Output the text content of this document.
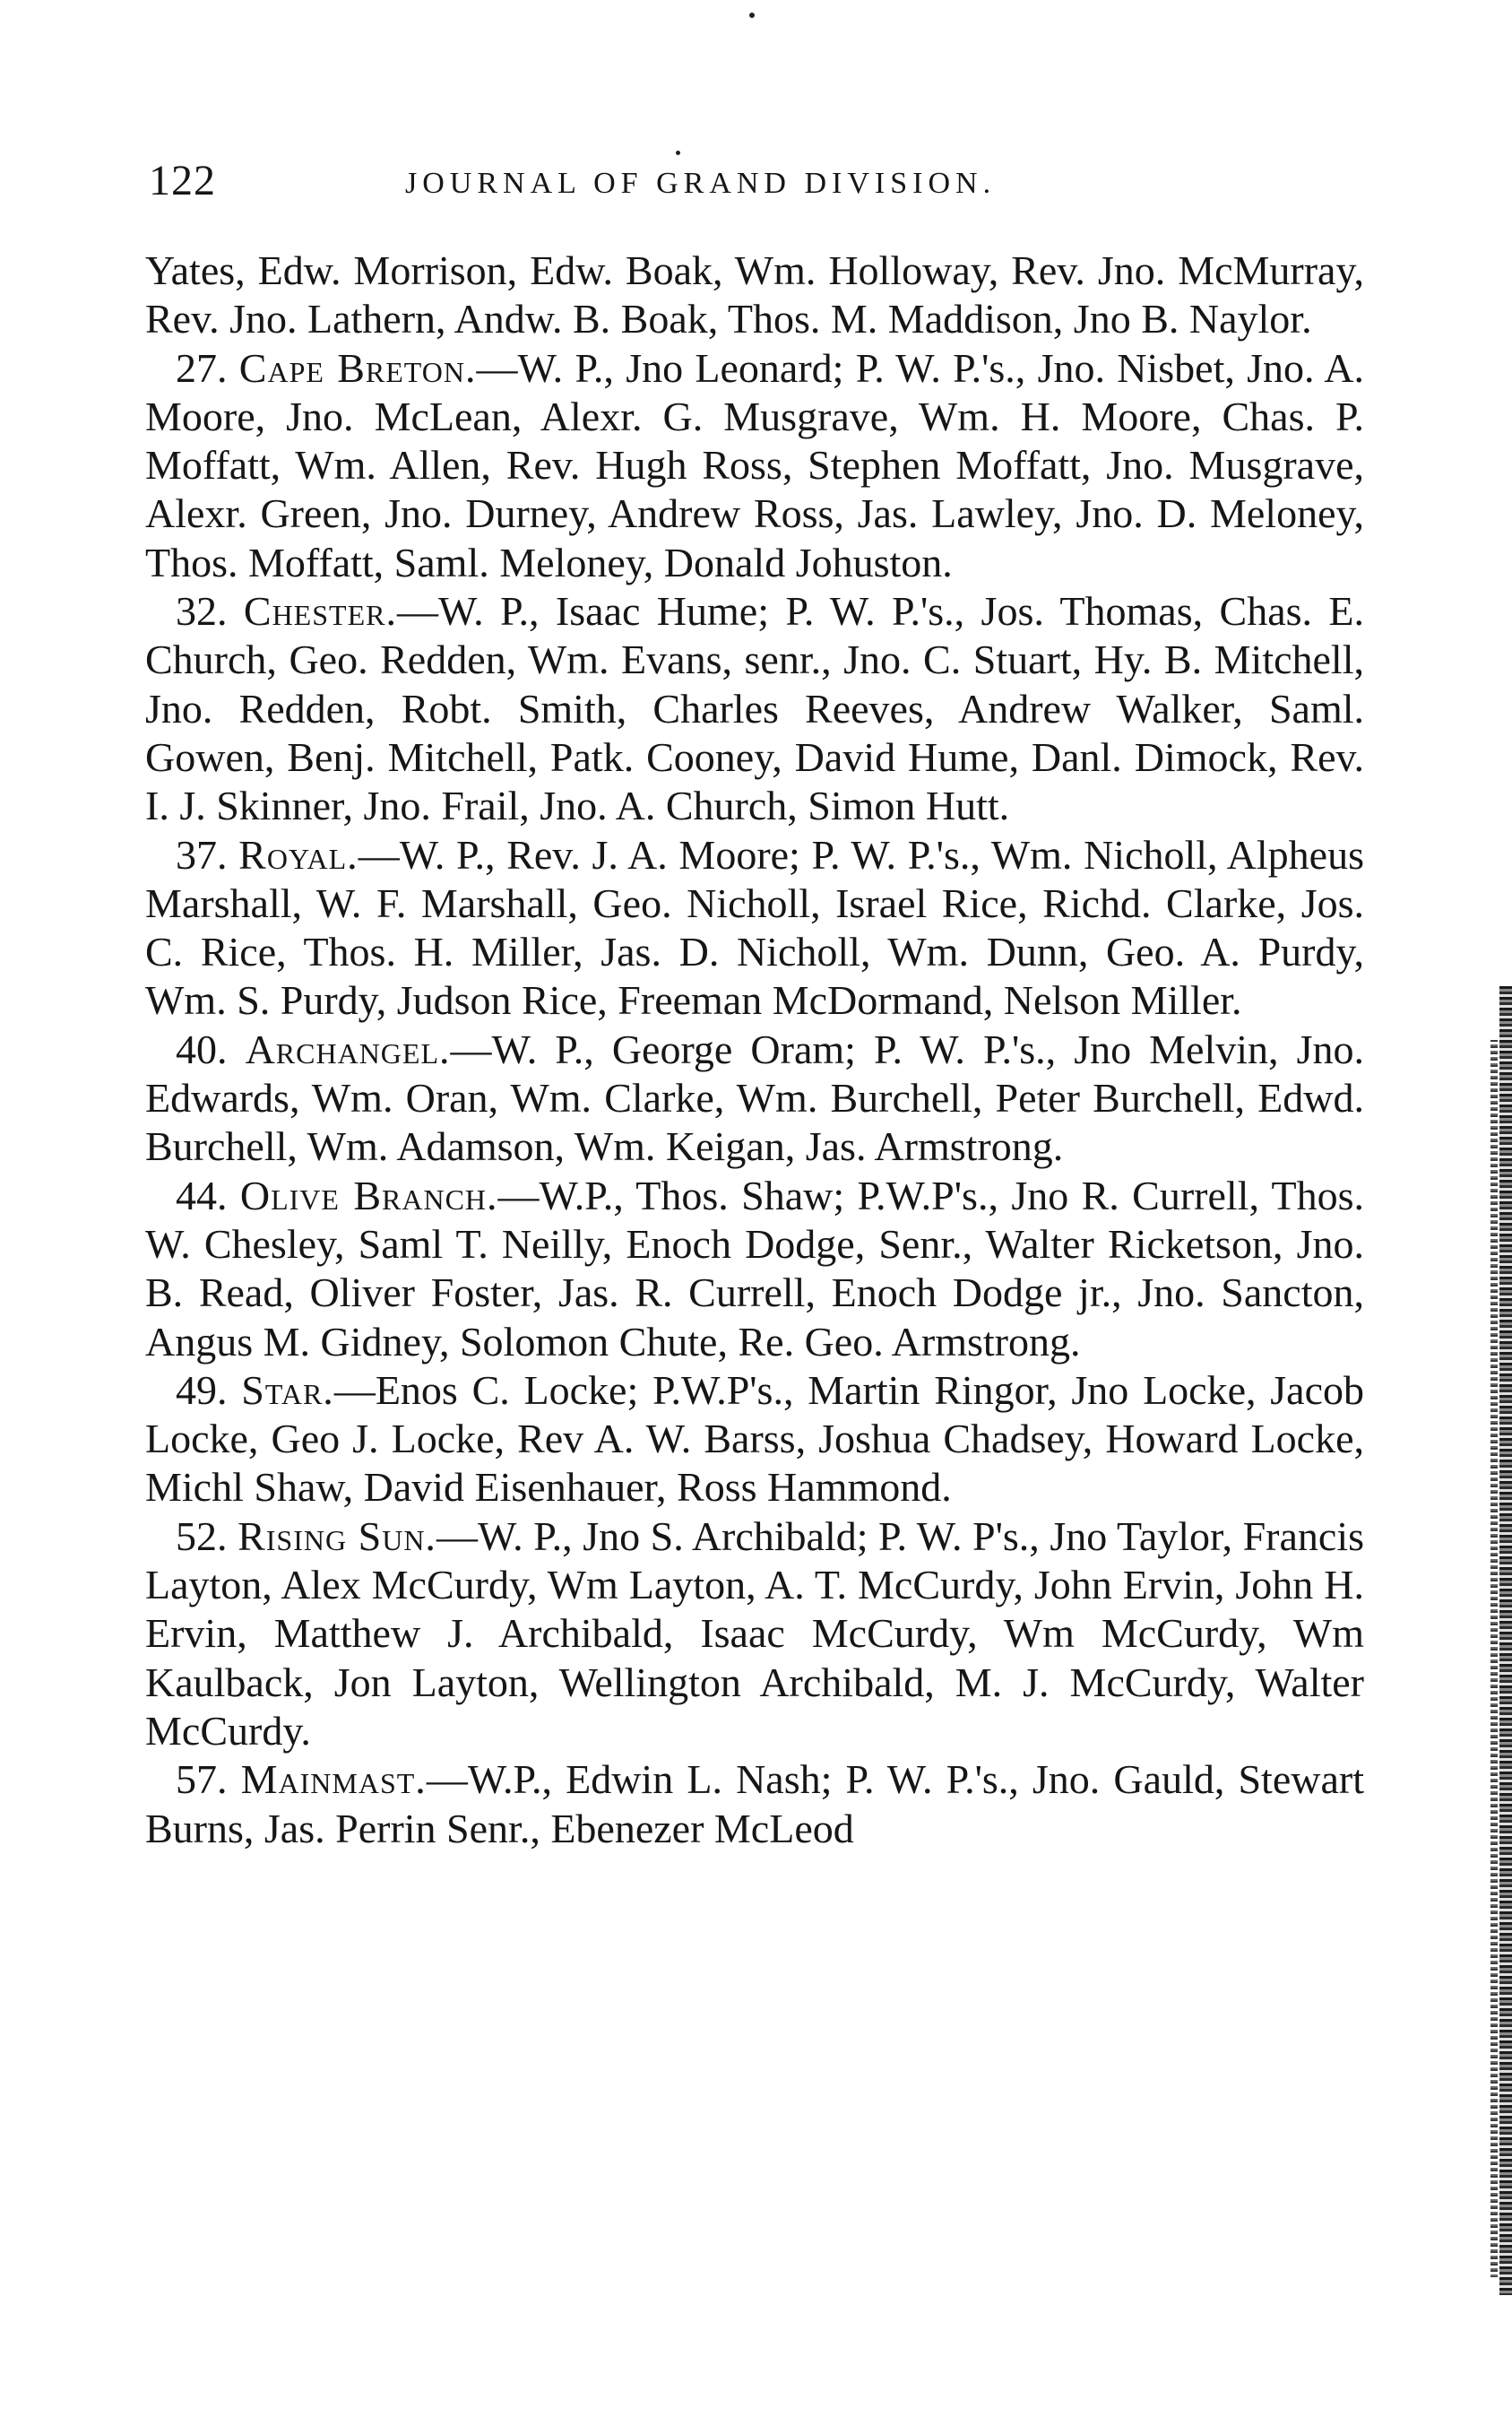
122	JOURNAL OF GRAND DIVISION.

Yates, Edw. Morrison, Edw. Boak, Wm. Holloway, Rev. Jno. McMurray, Rev. Jno. Lathern, Andw. B. Boak, Thos. M. Maddison, Jno B. Naylor.

27. Cape Breton.—W. P., Jno Leonard; P. W. P.'s., Jno. Nisbet, Jno. A. Moore, Jno. McLean, Alexr. G. Musgrave, Wm. H. Moore, Chas. P. Moffatt, Wm. Allen, Rev. Hugh Ross, Stephen Moffatt, Jno. Musgrave, Alexr. Green, Jno. Durney, Andrew Ross, Jas. Lawley, Jno. D. Meloney, Thos. Moffatt, Saml. Meloney, Donald Johuston.

32. Chester.—W. P., Isaac Hume; P. W. P.'s., Jos. Thomas, Chas. E. Church, Geo. Redden, Wm. Evans, senr., Jno. C. Stuart, Hy. B. Mitchell, Jno. Redden, Robt. Smith, Charles Reeves, Andrew Walker, Saml. Gowen, Benj. Mitchell, Patk. Cooney, David Hume, Danl. Dimock, Rev. I. J. Skinner, Jno. Frail, Jno. A. Church, Simon Hutt.

37. Royal.—W. P., Rev. J. A. Moore; P. W. P.'s., Wm. Nicholl, Alpheus Marshall, W. F. Marshall, Geo. Nicholl, Israel Rice, Richd. Clarke, Jos. C. Rice, Thos. H. Miller, Jas. D. Nicholl, Wm. Dunn, Geo. A. Purdy, Wm. S. Purdy, Judson Rice, Freeman McDormand, Nelson Miller.

40. Archangel.—W. P., George Oram; P. W. P.'s., Jno Melvin, Jno. Edwards, Wm. Oran, Wm. Clarke, Wm. Burchell, Peter Burchell, Edwd. Burchell, Wm. Adamson, Wm. Keigan, Jas. Armstrong.

44. Olive Branch.—W.P., Thos. Shaw; P.W.P's., Jno R. Currell, Thos. W. Chesley, Saml T. Neilly, Enoch Dodge, Senr., Walter Ricketson, Jno. B. Read, Oliver Foster, Jas. R. Currell, Enoch Dodge jr., Jno. Sancton, Angus M. Gidney, Solomon Chute, Re. Geo. Armstrong.

49. Star.—Enos C. Locke; P.W.P's., Martin Ringor, Jno Locke, Jacob Locke, Geo J. Locke, Rev A. W. Barss, Joshua Chadsey, Howard Locke, Michl Shaw, David Eisenhauer, Ross Hammond.

52. Rising Sun.—W. P., Jno S. Archibald; P. W. P's., Jno Taylor, Francis Layton, Alex McCurdy, Wm Layton, A. T. McCurdy, John Ervin, John H. Ervin, Matthew J. Archibald, Isaac McCurdy, Wm McCurdy, Wm Kaulback, Jon Layton, Wellington Archibald, M. J. McCurdy, Walter McCurdy.

57. Mainmast.—W.P., Edwin L. Nash; P. W. P.'s., Jno. Gauld, Stewart Burns, Jas. Perrin Senr., Ebenezer McLeod
